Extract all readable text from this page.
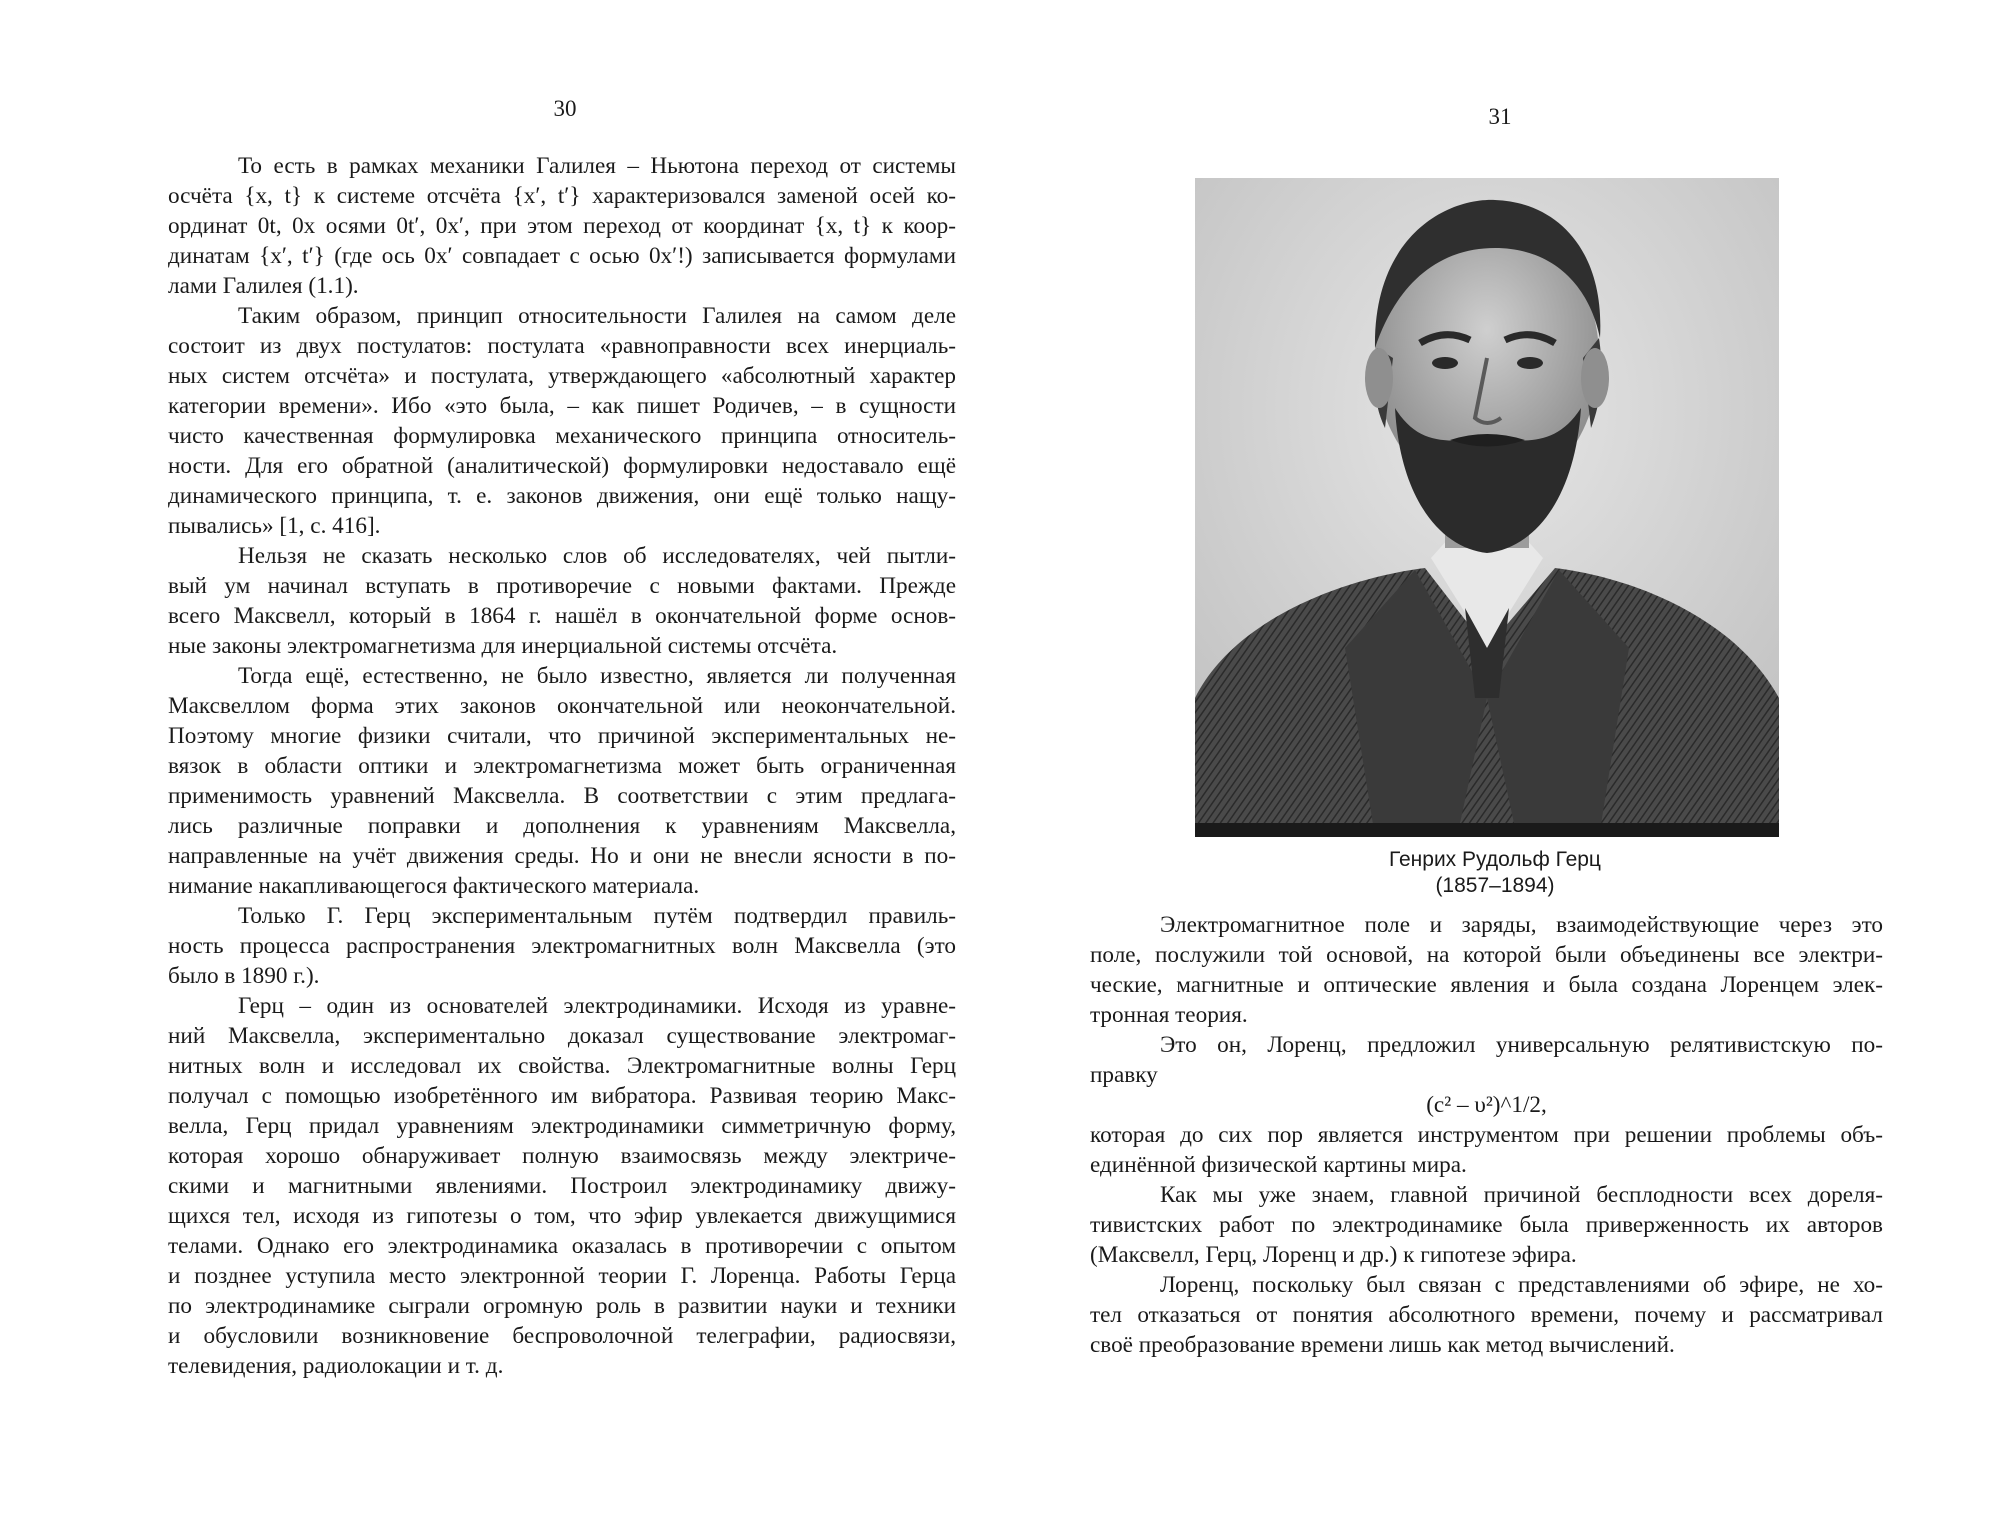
30
То есть в рамках механики Галилея – Ньютона переход от системы
осчёта {x, t} к системе отсчёта {x′, t′} характеризовался заменой осей ко-
ординат 0t, 0x осями 0t′, 0x′, при этом переход от координат {x, t} к коор-
динатам {x′, t′} (где ось 0x′ совпадает с осью 0x′!) записывается формулами
лами Галилея (1.1).
Таким образом, принцип относительности Галилея на самом деле
состоит из двух постулатов: постулата «равноправности всех инерциаль-
ных систем отсчёта» и постулата, утверждающего «абсолютный характер
категории времени». Ибо «это была, – как пишет Родичев, – в сущности
чисто качественная формулировка механического принципа относитель-
ности. Для его обратной (аналитической) формулировки недоставало ещё
динамического принципа, т. е. законов движения, они ещё только нащу-
пывались» [1, с. 416].
Нельзя не сказать несколько слов об исследователях, чей пытли-
вый ум начинал вступать в противоречие с новыми фактами. Прежде
всего Максвелл, который в 1864 г. нашёл в окончательной форме основ-
ные законы электромагнетизма для инерциальной системы отсчёта.
Тогда ещё, естественно, не было известно, является ли полученная
Максвеллом форма этих законов окончательной или неокончательной.
Поэтому многие физики считали, что причиной экспериментальных не-
вязок в области оптики и электромагнетизма может быть ограниченная
применимость уравнений Максвелла. В соответствии с этим предлага-
лись различные поправки и дополнения к уравнениям Максвелла,
направленные на учёт движения среды. Но и они не внесли ясности в по-
нимание накапливающегося фактического материала.
Только Г. Герц экспериментальным путём подтвердил правиль-
ность процесса распространения электромагнитных волн Максвелла (это
было в 1890 г.).
Герц – один из основателей электродинамики. Исходя из уравне-
ний Максвелла, экспериментально доказал существование электромаг-
нитных волн и исследовал их свойства. Электромагнитные волны Герц
получал с помощью изобретённого им вибратора. Развивая теорию Макс-
велла, Герц придал уравнениям электродинамики симметричную форму,
которая хорошо обнаруживает полную взаимосвязь между электриче-
скими и магнитными явлениями. Построил электродинамику движу-
щихся тел, исходя из гипотезы о том, что эфир увлекается движущимися
телами. Однако его электродинамика оказалась в противоречии с опытом
и позднее уступила место электронной теории Г. Лоренца. Работы Герца
по электродинамике сыграли огромную роль в развитии науки и техники
и обусловили возникновение беспроволочной телеграфии, радиосвязи,
телевидения, радиолокации и т. д.
31
Генрих Рудольф Герц
(1857–1894)
Электромагнитное поле и заряды, взаимодействующие через это
поле, послужили той основой, на которой были объединены все электри-
ческие, магнитные и оптические явления и была создана Лоренцем элек-
тронная теория.
Это он, Лоренц, предложил универсальную релятивистскую по-
правку
(c² – υ²)^1/2,
которая до сих пор является инструментом при решении проблемы объ-
единённой физической картины мира.
Как мы уже знаем, главной причиной бесплодности всех дореля-
тивистских работ по электродинамике была приверженность их авторов
(Максвелл, Герц, Лоренц и др.) к гипотезе эфира.
Лоренц, поскольку был связан с представлениями об эфире, не хо-
тел отказаться от понятия абсолютного времени, почему и рассматривал
своё преобразование времени лишь как метод вычислений.
